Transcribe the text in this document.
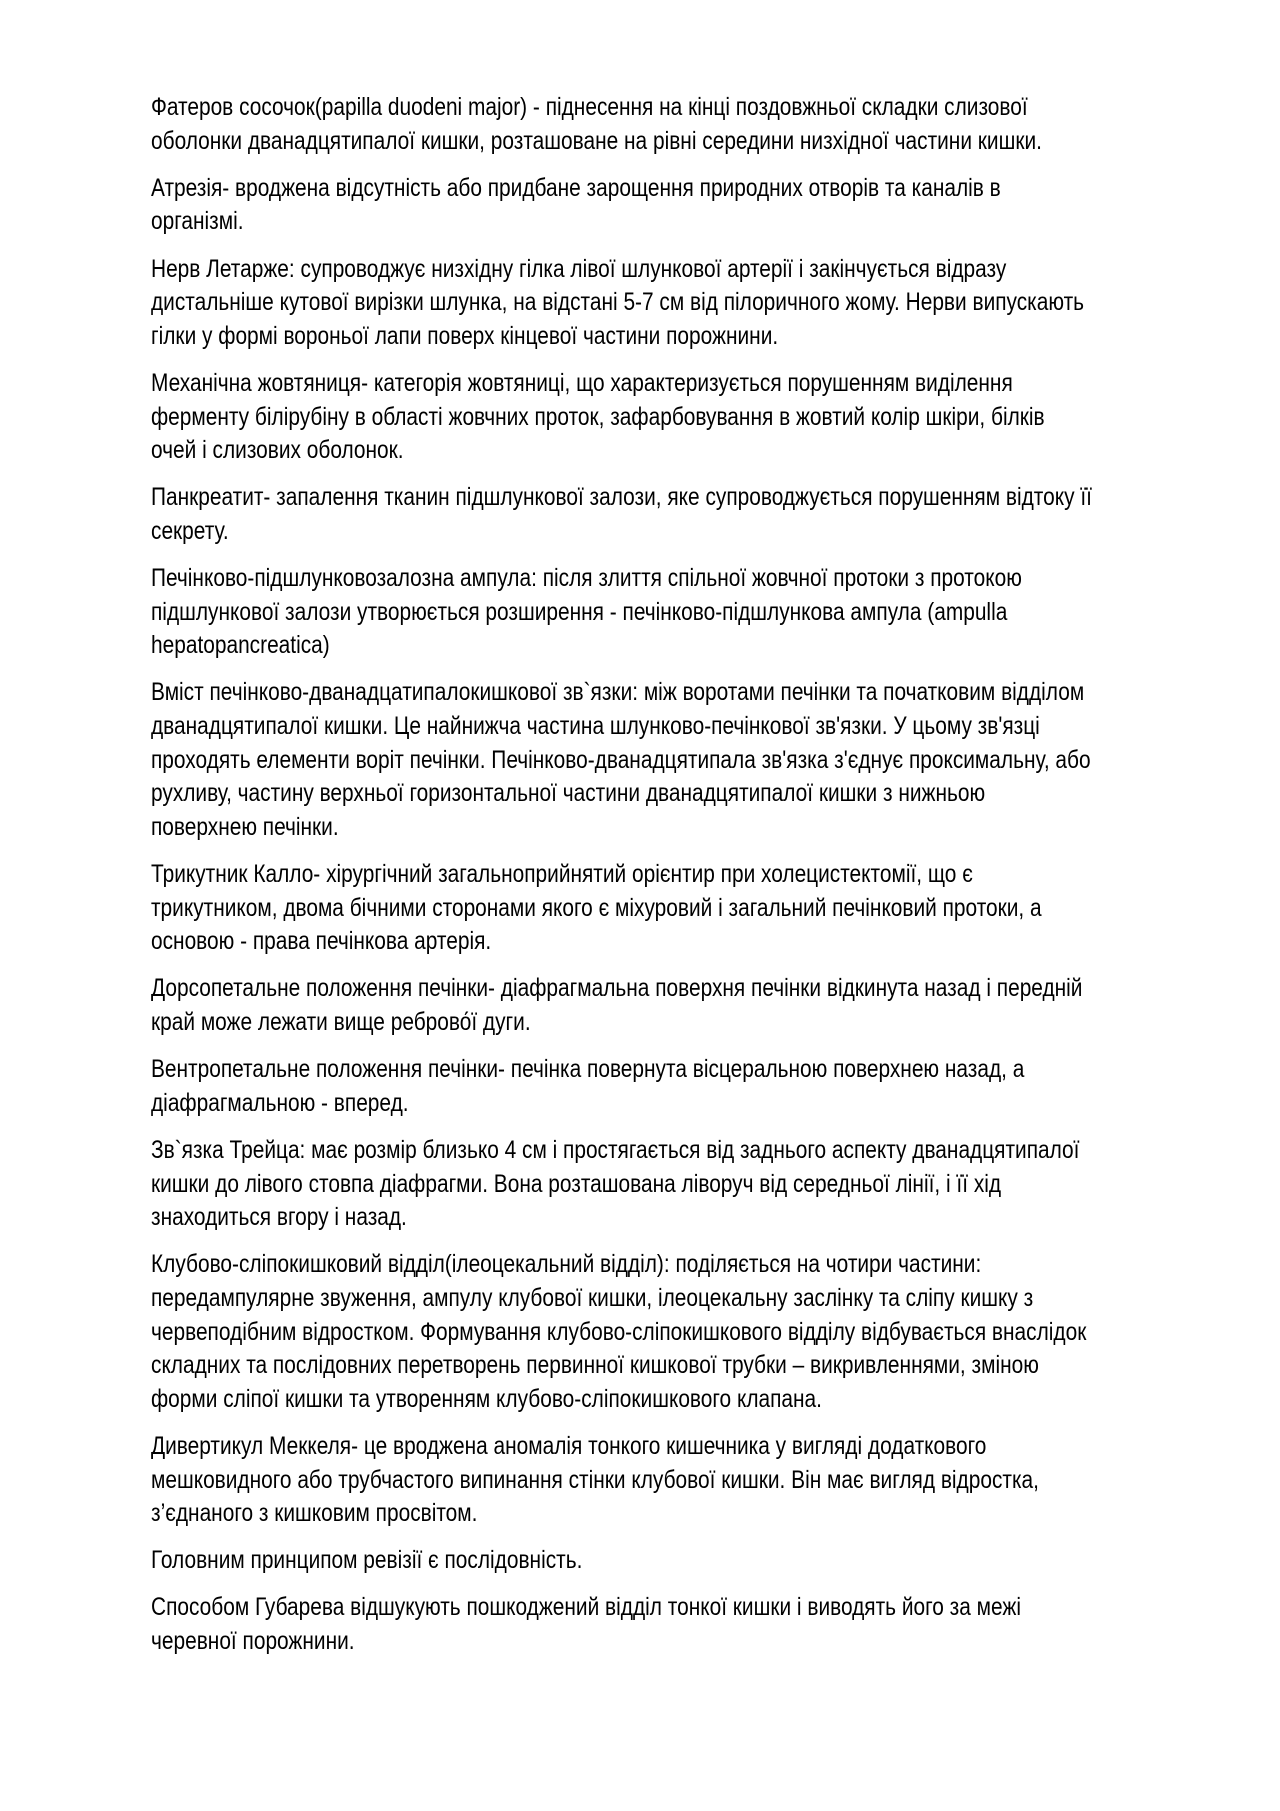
Фатеров сосочок(papilla duodeni major) - піднесення на кінці поздовжньої складки слизової
оболонки дванадцятипалої кишки, розташоване на рівні середини низхідної частини кишки.

Атрезія- вроджена відсутність або придбане зарощення природних отворів та каналів в
організмі.

Нерв Летарже: супроводжує низхідну гілка лівої шлункової артерії і закінчується відразу
дистальніше кутової вирізки шлунка, на відстані 5-7 см від пілоричного жому. Нерви випускають
гілки у формі вороньої лапи поверх кінцевої частини порожнини.

Механічна жовтяниця- категорія жовтяниці, що характеризується порушенням виділення
ферменту білірубіну в області жовчних проток, зафарбовування в жовтий колір шкіри, білків
очей і слизових оболонок.

Панкреатит- запалення тканин підшлункової залози, яке супроводжується порушенням відтоку її
секрету.

Печінково-підшлунковозалозна ампула: після злиття спільної жовчної протоки з протокою
підшлункової залози утворюється розширення - печінково-підшлункова ампула (ampulla
hepatopancreatica)

Вміст печінково-дванадцатипалокишкової зв`язки: між воротами печінки та початковим відділом
дванадцятипалої кишки. Це найнижча частина шлунково-печінкової зв'язки. У цьому зв'язці
проходять елементи воріт печінки. Печінково-дванадцятипала зв'язка з'єднує проксимальну, або
рухливу, частину верхньої горизонтальної частини дванадцятипалої кишки з нижньою
поверхнею печінки.

Трикутник Калло- хірургічний загальноприйнятий орієнтир при холецистектомії, що є
трикутником, двома бічними сторонами якого є міхуровий і загальний печінковий протоки, а
основою - права печінкова артерія.

Дорсопетальне положення печінки- діафрагмальна поверхня печінки відкинута назад і передній
край може лежати вище реброво́ї дуги.

Вентропетальне положення печінки- печінка повернута вісцеральною поверхнею назад, а
діафрагмальною - вперед.

Зв`язка Трейца: має розмір близько 4 см і простягається від заднього аспекту дванадцятипалої
кишки до лівого стовпа діафрагми. Вона розташована ліворуч від середньої лінії, і її хід
знаходиться вгору і назад.

Клубово-сліпокишковий відділ(ілеоцекальний відділ): поділяється на чотири частини:
передампулярне звуження, ампулу клубової кишки, ілеоцекальну заслінку та сліпу кишку з
червеподібним відростком. Формування клубово-сліпокишкового відділу відбувається внаслідок
складних та послідовних перетворень первинної кишкової трубки – викривленнями, зміною
форми сліпої кишки та утворенням клубово-сліпокишкового клапана.

Дивертикул Меккеля- це вроджена аномалія тонкого кишечника у вигляді додаткового
мешковидного або трубчастого випинання стінки клубової кишки. Він має вигляд відростка,
з’єднаного з кишковим просвітом.

Головним принципом ревізії є послідовність.

Способом Губарева відшукують пошкоджений відділ тонкої кишки і виводять його за межі
черевної порожнини.
